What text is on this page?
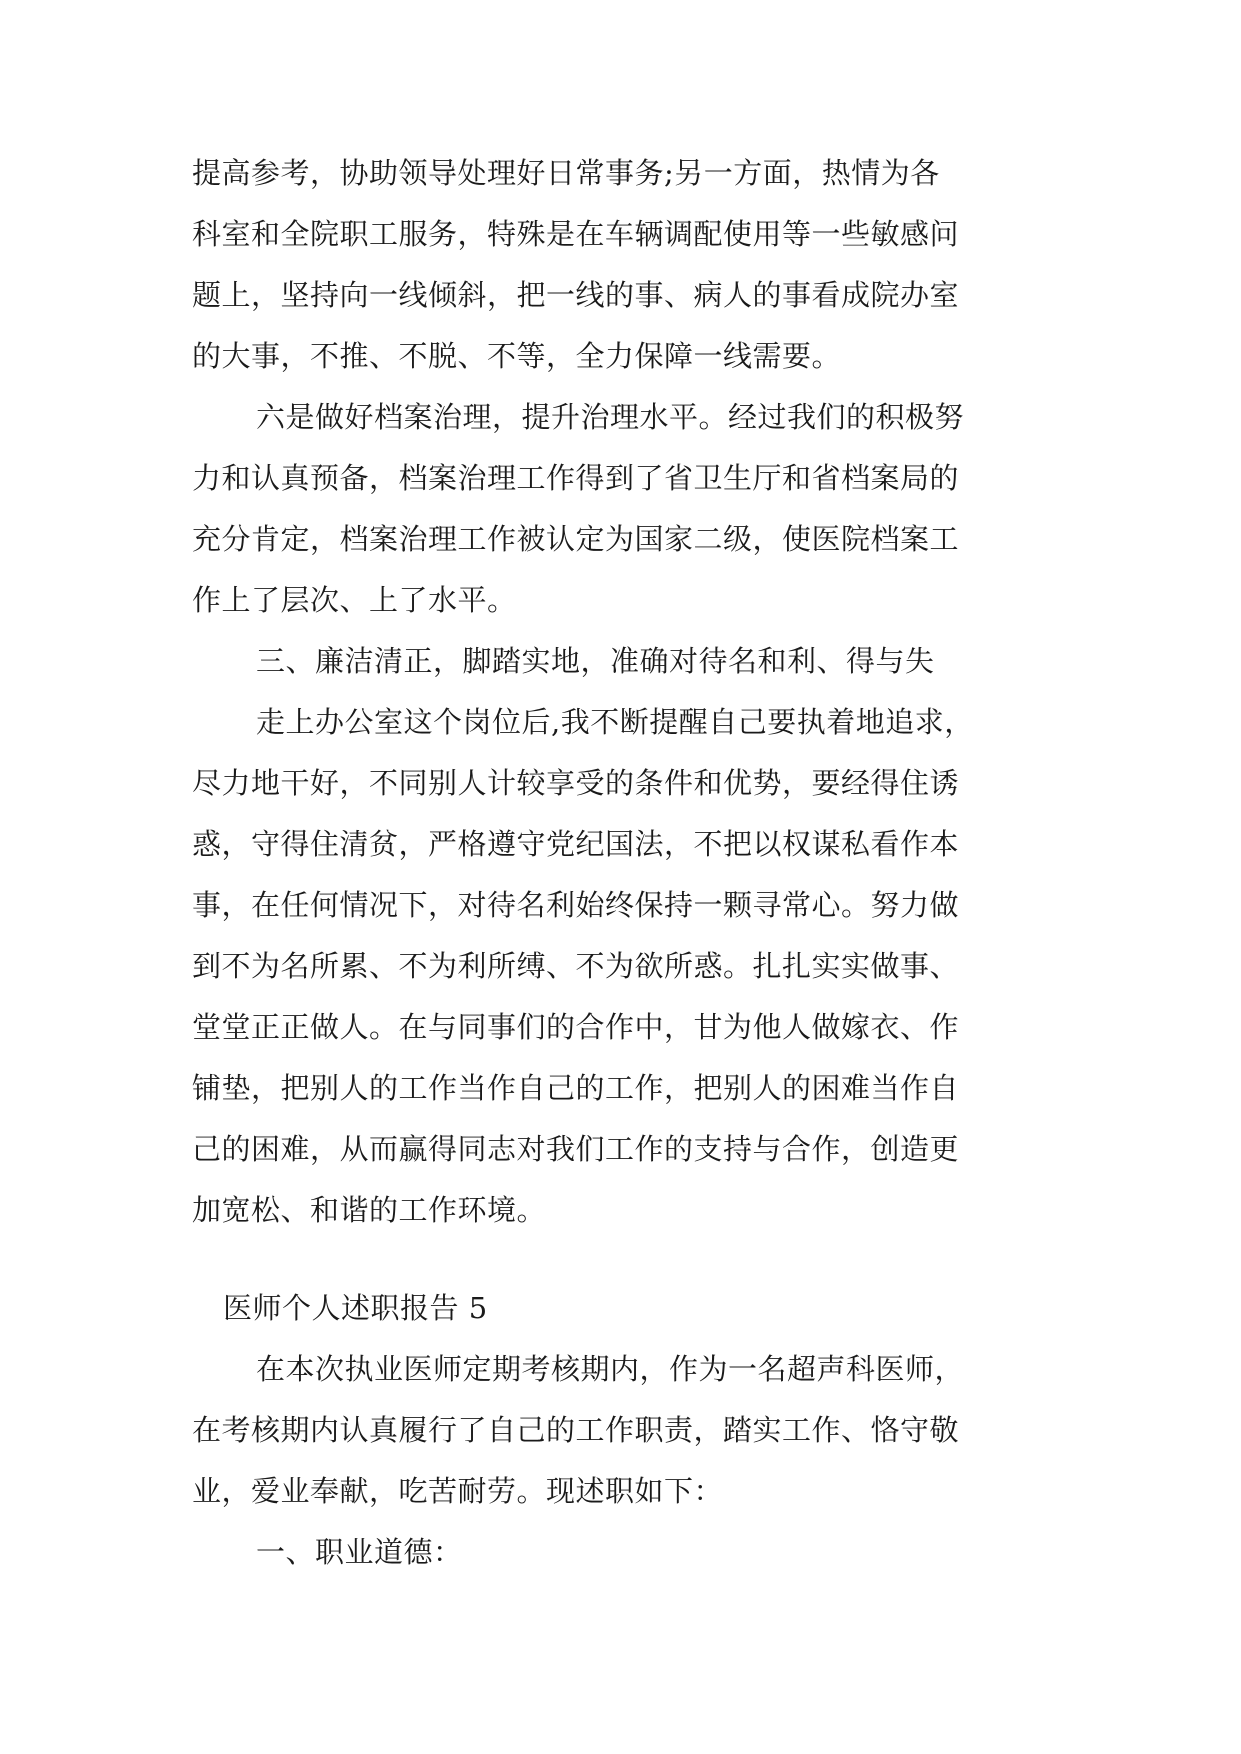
提高参考，协助领导处理好日常事务;另一方面，热情为各
科室和全院职工服务，特殊是在车辆调配使用等一些敏感问
题上，坚持向一线倾斜，把一线的事、病人的事看成院办室
的大事，不推、不脱、不等，全力保障一线需要。
六是做好档案治理，提升治理水平。经过我们的积极努
力和认真预备，档案治理工作得到了省卫生厅和省档案局的
充分肯定，档案治理工作被认定为国家二级，使医院档案工
作上了层次、上了水平。
三、廉洁清正，脚踏实地，准确对待名和利、得与失
走上办公室这个岗位后,我不断提醒自己要执着地追求，
尽力地干好，不同别人计较享受的条件和优势，要经得住诱
惑，守得住清贫，严格遵守党纪国法，不把以权谋私看作本
事，在任何情况下，对待名利始终保持一颗寻常心。努力做
到不为名所累、不为利所缚、不为欲所惑。扎扎实实做事、
堂堂正正做人。在与同事们的合作中，甘为他人做嫁衣、作
铺垫，把别人的工作当作自己的工作，把别人的困难当作自
己的困难，从而赢得同志对我们工作的支持与合作，创造更
加宽松、和谐的工作环境。
医师个人述职报告 5
在本次执业医师定期考核期内，作为一名超声科医师，
在考核期内认真履行了自己的工作职责，踏实工作、恪守敬
业，爱业奉献，吃苦耐劳。现述职如下：
一、职业道德：
